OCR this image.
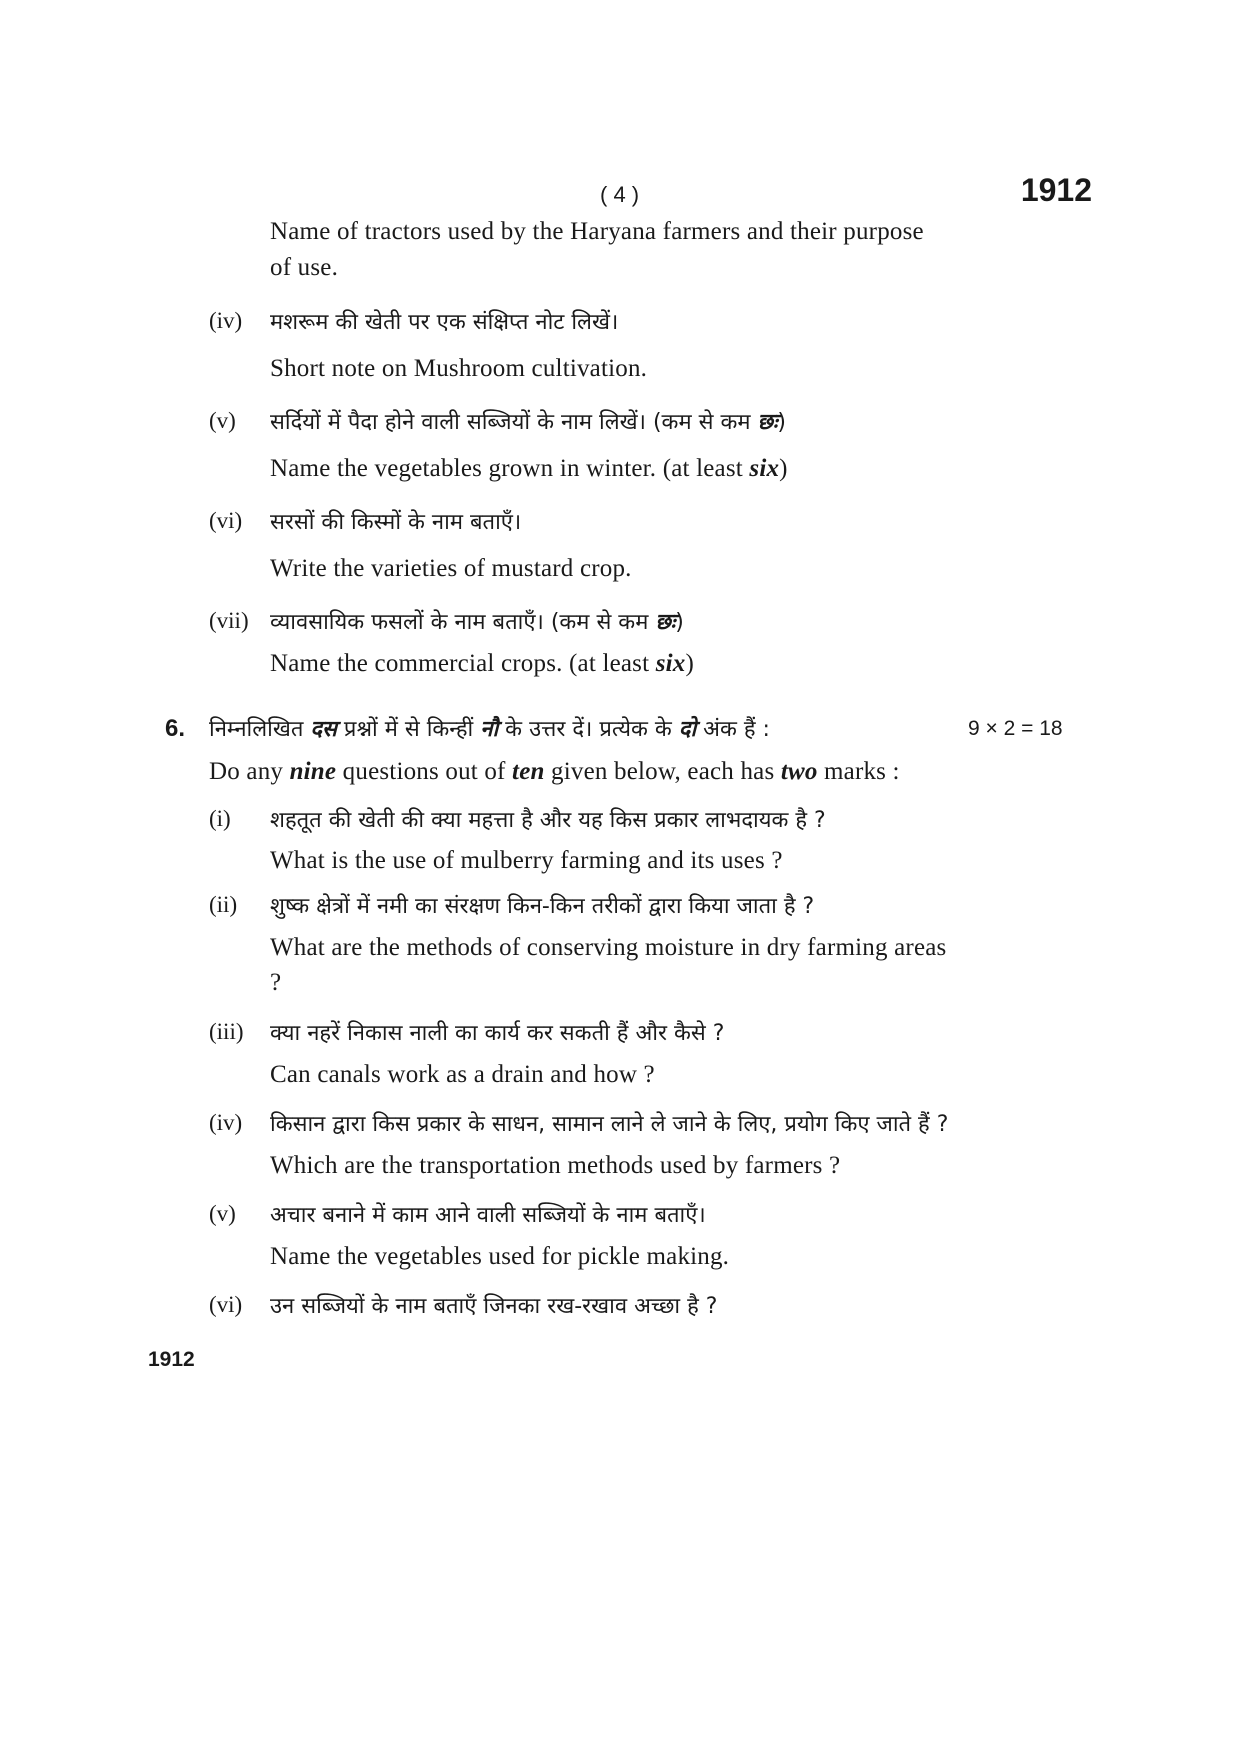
( 4 )	1912
Name of tractors used by the Haryana farmers and their purpose
of use.
(iv) मशरूम की खेती पर एक संक्षिप्त नोट लिखें।
Short note on Mushroom cultivation.
(v) सर्दियों में पैदा होने वाली सब्जियों के नाम लिखें। (कम से कम छः)
Name the vegetables grown in winter. (at least six)
(vi) सरसों की किस्मों के नाम बताएँ।
Write the varieties of mustard crop.
(vii) व्यावसायिक फसलों के नाम बताएँ। (कम से कम छः)
Name the commercial crops. (at least six)
6. निम्नलिखित दस प्रश्नों में से किन्हीं नौ के उत्तर दें। प्रत्येक के दो अंक हैं :	9 × 2 = 18
Do any nine questions out of ten given below, each has two marks :
(i) शहतूत की खेती की क्या महत्ता है और यह किस प्रकार लाभदायक है ?
What is the use of mulberry farming and its uses ?
(ii) शुष्क क्षेत्रों में नमी का संरक्षण किन-किन तरीकों द्वारा किया जाता है ?
What are the methods of conserving moisture in dry farming areas
?
(iii) क्या नहरें निकास नाली का कार्य कर सकती हैं और कैसे ?
Can canals work as a drain and how ?
(iv) किसान द्वारा किस प्रकार के साधन, सामान लाने ले जाने के लिए, प्रयोग किए जाते हैं ?
Which are the transportation methods used by farmers ?
(v) अचार बनाने में काम आने वाली सब्जियों के नाम बताएँ।
Name the vegetables used for pickle making.
(vi) उन सब्जियों के नाम बताएँ जिनका रख-रखाव अच्छा है ?
1912
